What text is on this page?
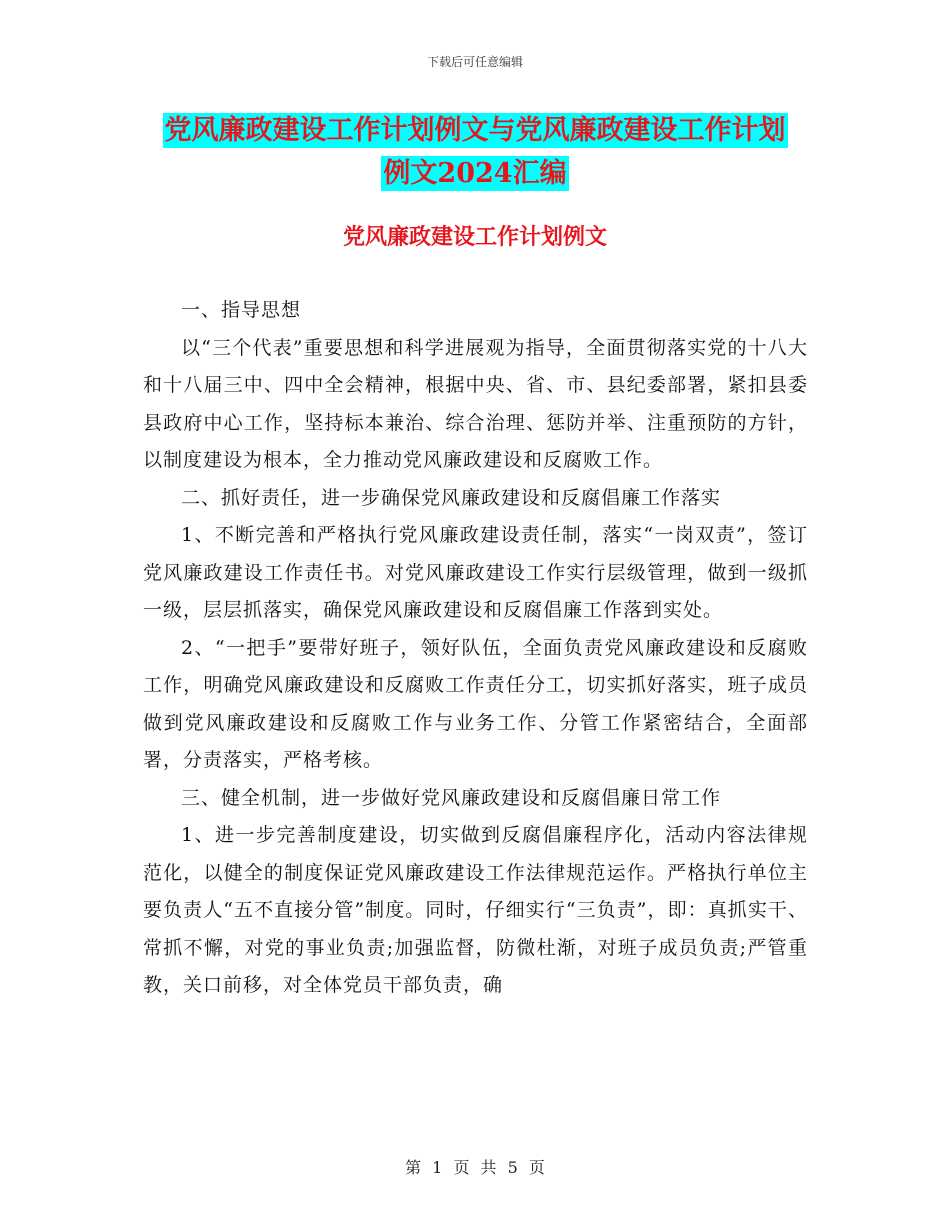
下载后可任意编辑
党风廉政建设工作计划例文与党风廉政建设工作计划
例文2024汇编
党风廉政建设工作计划例文

一、指导思想

以“三个代表”重要思想和科学进展观为指导，全面贯彻落实党的十八大和十八届三中、四中全会精神，根据中央、省、市、县纪委部署，紧扣县委县政府中心工作，坚持标本兼治、综合治理、惩防并举、注重预防的方针，以制度建设为根本，全力推动党风廉政建设和反腐败工作。

二、抓好责任，进一步确保党风廉政建设和反腐倡廉工作落实

1、不断完善和严格执行党风廉政建设责任制，落实“一岗双责”，签订党风廉政建设工作责任书。对党风廉政建设工作实行层级管理，做到一级抓一级，层层抓落实，确保党风廉政建设和反腐倡廉工作落到实处。

2、“一把手”要带好班子，领好队伍，全面负责党风廉政建设和反腐败工作，明确党风廉政建设和反腐败工作责任分工，切实抓好落实，班子成员做到党风廉政建设和反腐败工作与业务工作、分管工作紧密结合，全面部署，分责落实，严格考核。

三、健全机制，进一步做好党风廉政建设和反腐倡廉日常工作

1、进一步完善制度建设，切实做到反腐倡廉程序化，活动内容法律规范化，以健全的制度保证党风廉政建设工作法律规范运作。严格执行单位主要负责人“五不直接分管”制度。同时，仔细实行“三负责”，即：真抓实干、常抓不懈，对党的事业负责;加强监督，防微杜渐，对班子成员负责;严管重教，关口前移，对全体党员干部负责，确

第 1 页 共 5 页
